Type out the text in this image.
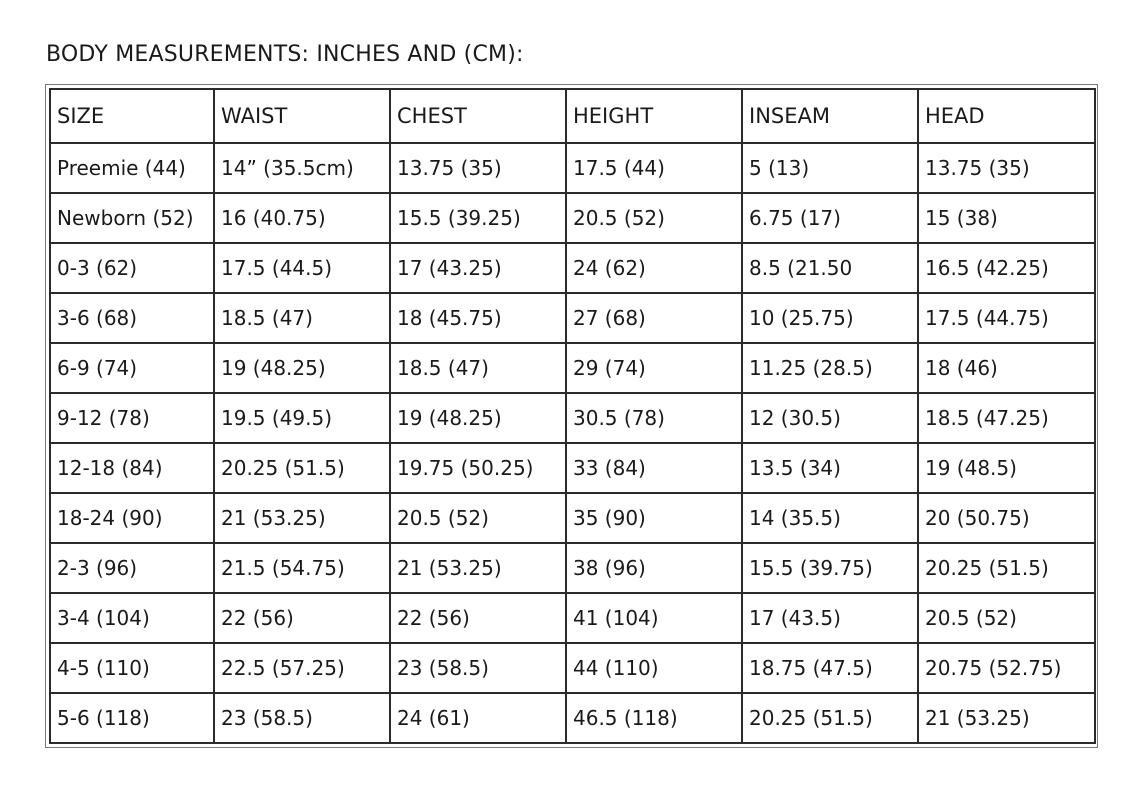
BODY MEASUREMENTS: INCHES AND (CM):
SIZE	WAIST	CHEST	HEIGHT	INSEAM	HEAD
Preemie (44)	14” (35.5cm)	13.75 (35)	17.5 (44)	5 (13)	13.75 (35)
Newborn (52)	16 (40.75)	15.5 (39.25)	20.5 (52)	6.75 (17)	15 (38)
0-3 (62)	17.5 (44.5)	17 (43.25)	24 (62)	8.5 (21.50	16.5 (42.25)
3-6 (68)	18.5 (47)	18 (45.75)	27 (68)	10 (25.75)	17.5 (44.75)
6-9 (74)	19 (48.25)	18.5 (47)	29 (74)	11.25 (28.5)	18 (46)
9-12 (78)	19.5 (49.5)	19 (48.25)	30.5 (78)	12 (30.5)	18.5 (47.25)
12-18 (84)	20.25 (51.5)	19.75 (50.25)	33 (84)	13.5 (34)	19 (48.5)
18-24 (90)	21 (53.25)	20.5 (52)	35 (90)	14 (35.5)	20 (50.75)
2-3 (96)	21.5 (54.75)	21 (53.25)	38 (96)	15.5 (39.75)	20.25 (51.5)
3-4 (104)	22 (56)	22 (56)	41 (104)	17 (43.5)	20.5 (52)
4-5 (110)	22.5 (57.25)	23 (58.5)	44 (110)	18.75 (47.5)	20.75 (52.75)
5-6 (118)	23 (58.5)	24 (61)	46.5 (118)	20.25 (51.5)	21 (53.25)
